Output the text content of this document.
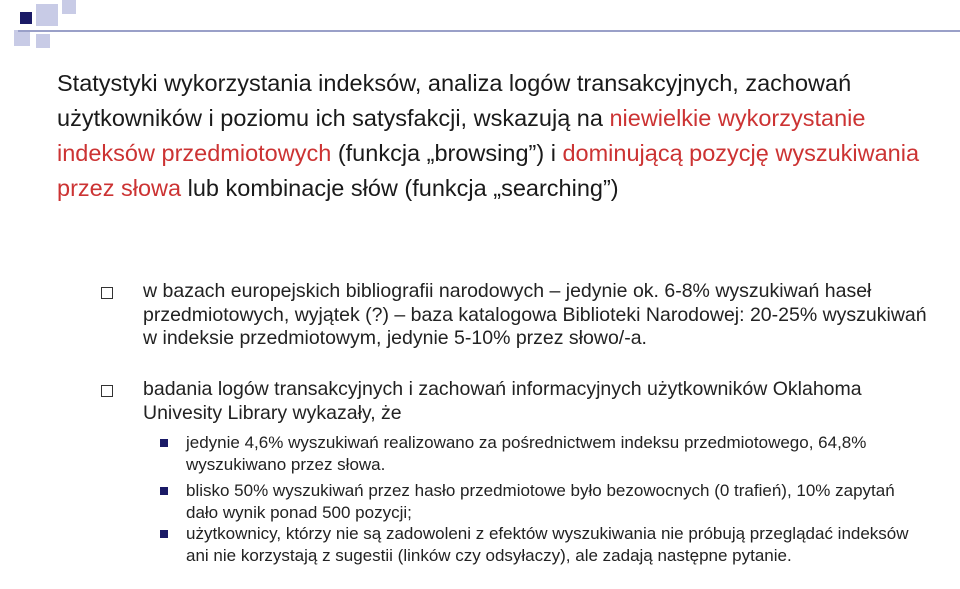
Statystyki wykorzystania indeksów, analiza logów transakcyjnych, zachowań użytkowników i poziomu ich satysfakcji, wskazują na niewielkie wykorzystanie indeksów przedmiotowych (funkcja „browsing”) i dominującą pozycję wyszukiwania przez słowa lub kombinacje słów (funkcja „searching”)
w bazach europejskich bibliografii narodowych – jedynie ok. 6-8% wyszukiwań haseł przedmiotowych, wyjątek (?) – baza katalogowa Biblioteki Narodowej: 20-25% wyszukiwań w indeksie przedmiotowym, jedynie 5-10% przez słowo/-a.
badania logów transakcyjnych i zachowań informacyjnych użytkowników Oklahoma Univesity Library wykazały, że
jedynie 4,6% wyszukiwań realizowano za pośrednictwem indeksu przedmiotowego, 64,8% wyszukiwano przez słowa.
blisko 50% wyszukiwań przez hasło przedmiotowe było bezowocnych (0 trafień), 10% zapytań dało wynik ponad 500 pozycji;
użytkownicy, którzy nie są zadowoleni z efektów wyszukiwania nie próbują przeglądać indeksów ani nie korzystają z sugestii (linków czy odsyłaczy), ale zadają następne pytanie.
